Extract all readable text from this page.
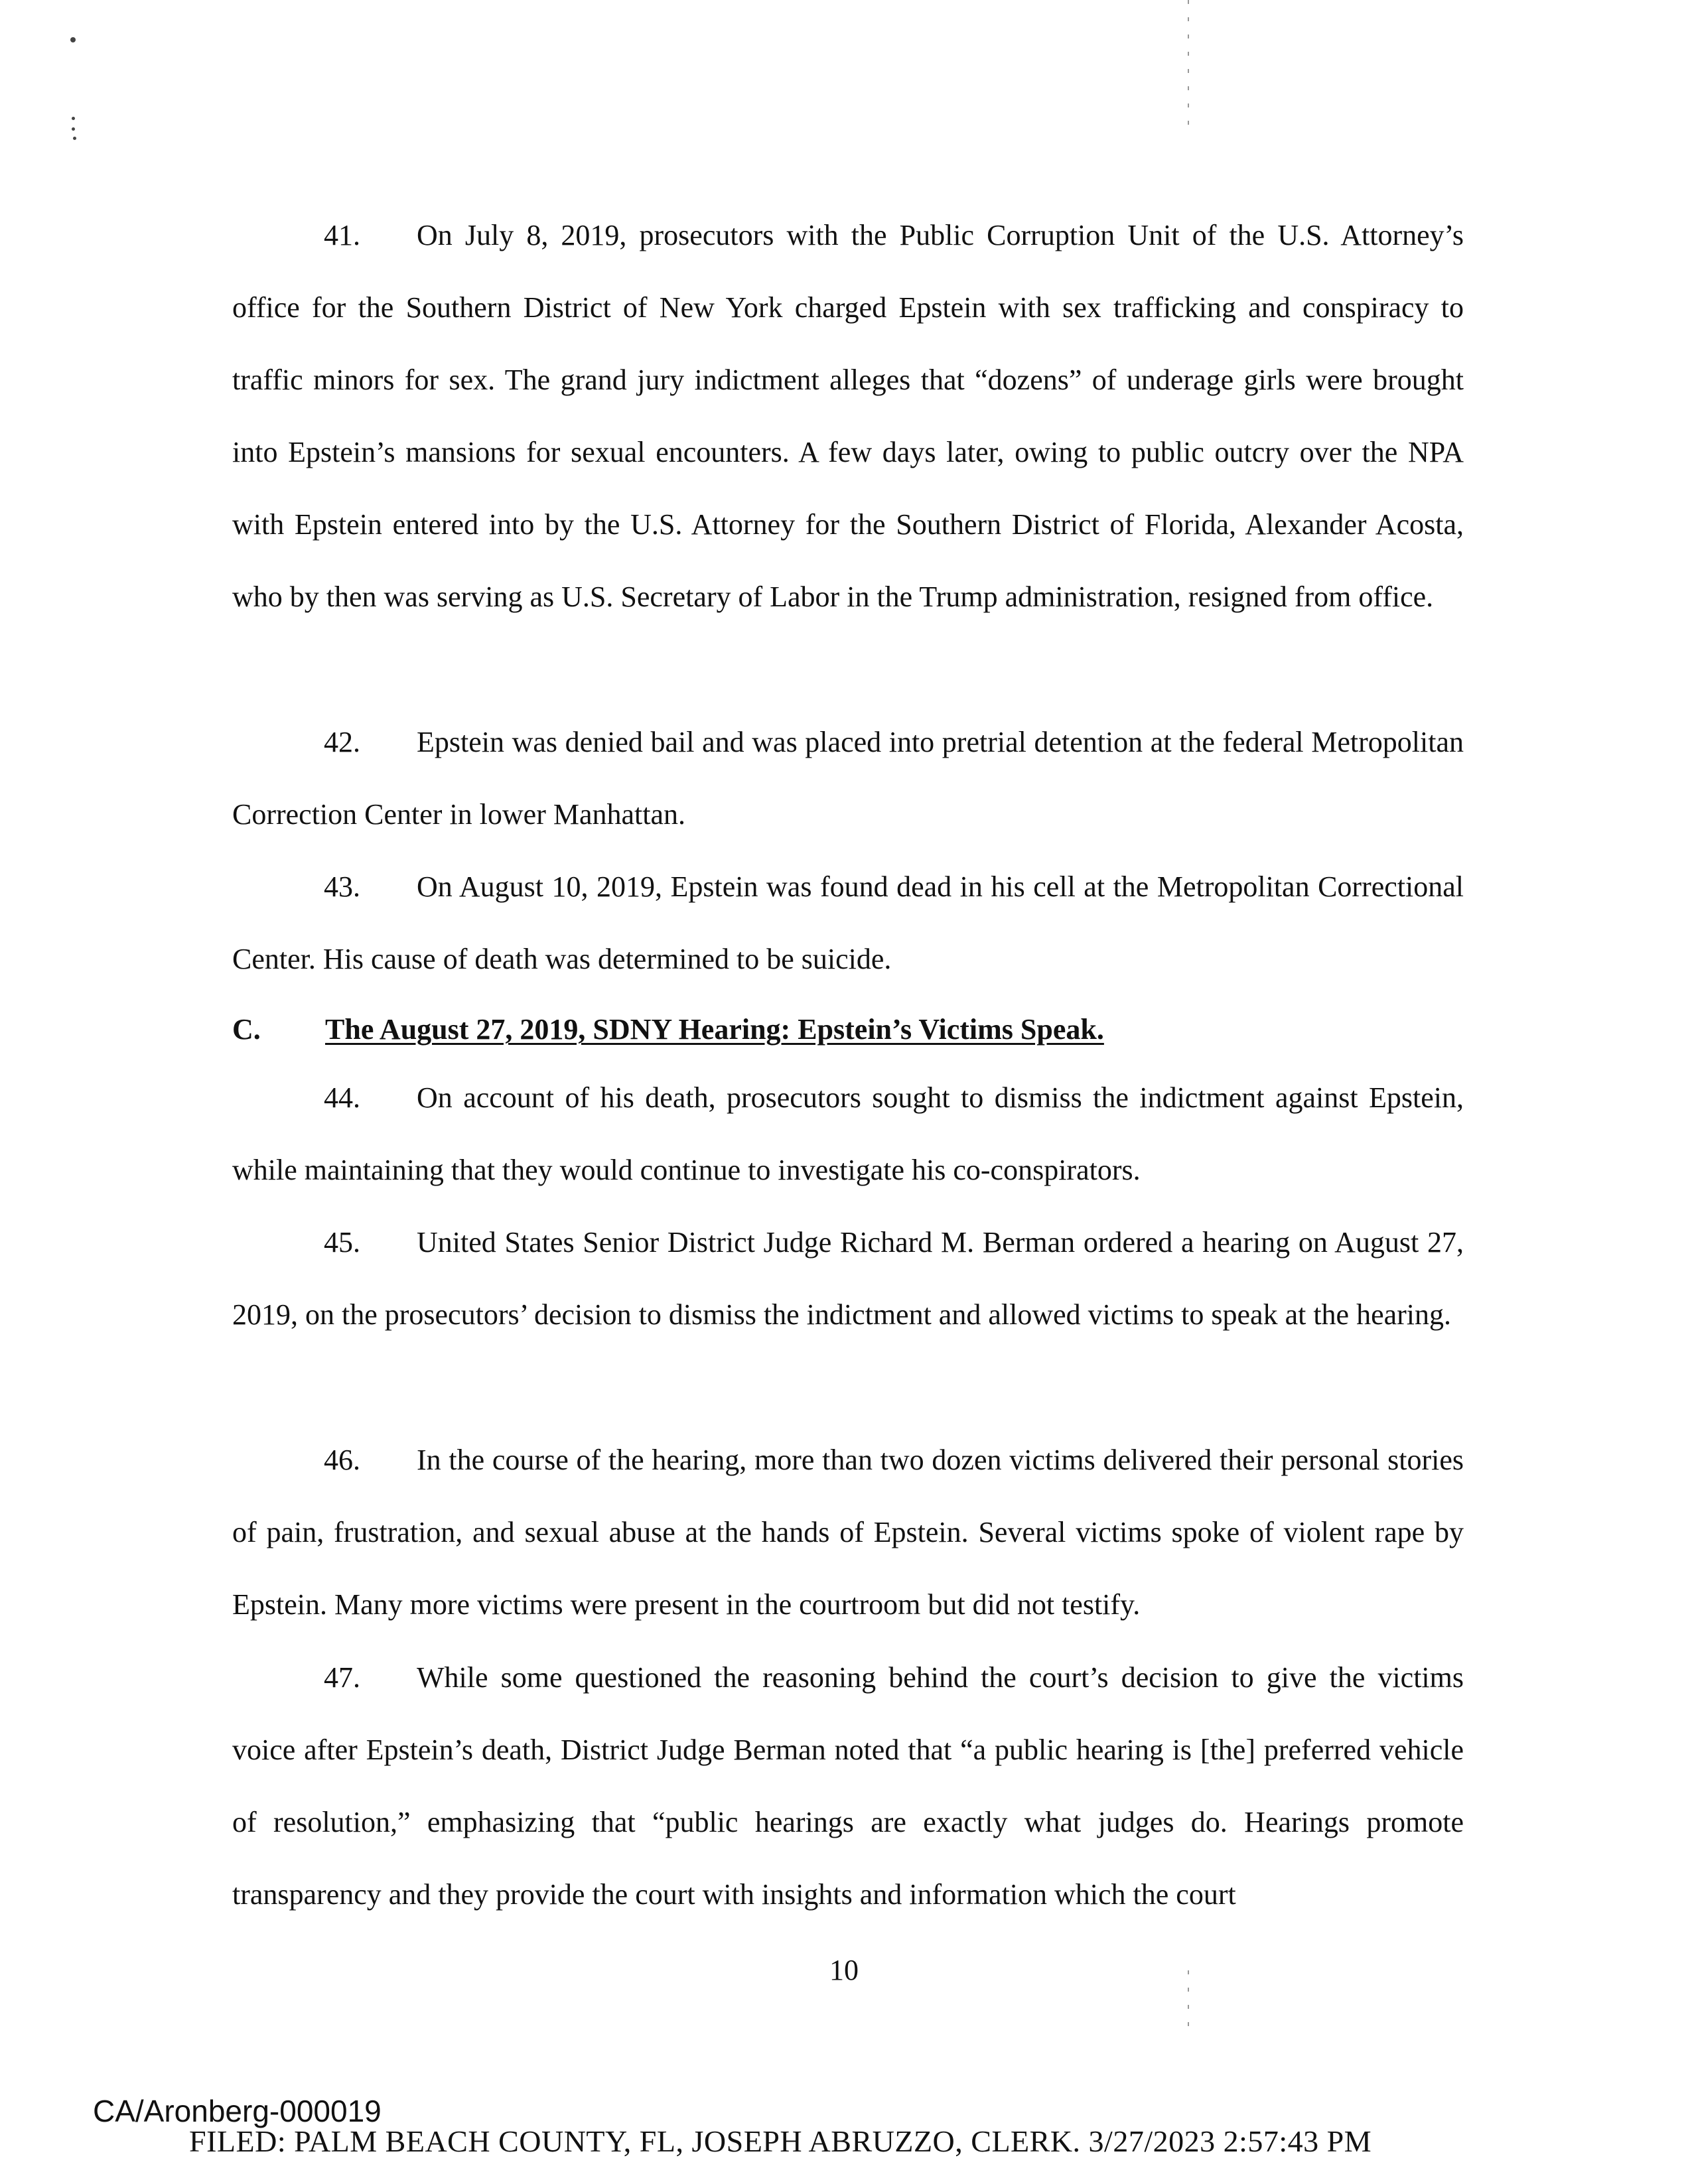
41. On July 8, 2019, prosecutors with the Public Corruption Unit of the U.S. Attorney’s office for the Southern District of New York charged Epstein with sex trafficking and conspiracy to traffic minors for sex. The grand jury indictment alleges that “dozens” of underage girls were brought into Epstein’s mansions for sexual encounters. A few days later, owing to public outcry over the NPA with Epstein entered into by the U.S. Attorney for the Southern District of Florida, Alexander Acosta, who by then was serving as U.S. Secretary of Labor in the Trump administration, resigned from office.

42. Epstein was denied bail and was placed into pretrial detention at the federal Metropolitan Correction Center in lower Manhattan.

43. On August 10, 2019, Epstein was found dead in his cell at the Metropolitan Correctional Center. His cause of death was determined to be suicide.

C. The August 27, 2019, SDNY Hearing: Epstein’s Victims Speak.

44. On account of his death, prosecutors sought to dismiss the indictment against Epstein, while maintaining that they would continue to investigate his co-conspirators.

45. United States Senior District Judge Richard M. Berman ordered a hearing on August 27, 2019, on the prosecutors’ decision to dismiss the indictment and allowed victims to speak at the hearing.

46. In the course of the hearing, more than two dozen victims delivered their personal stories of pain, frustration, and sexual abuse at the hands of Epstein. Several victims spoke of violent rape by Epstein. Many more victims were present in the courtroom but did not testify.

47. While some questioned the reasoning behind the court’s decision to give the victims voice after Epstein’s death, District Judge Berman noted that “a public hearing is [the] preferred vehicle of resolution,” emphasizing that “public hearings are exactly what judges do. Hearings promote transparency and they provide the court with insights and information which the court

10
CA/Aronberg-000019
FILED: PALM BEACH COUNTY, FL, JOSEPH ABRUZZO, CLERK. 3/27/2023 2:57:43 PM
